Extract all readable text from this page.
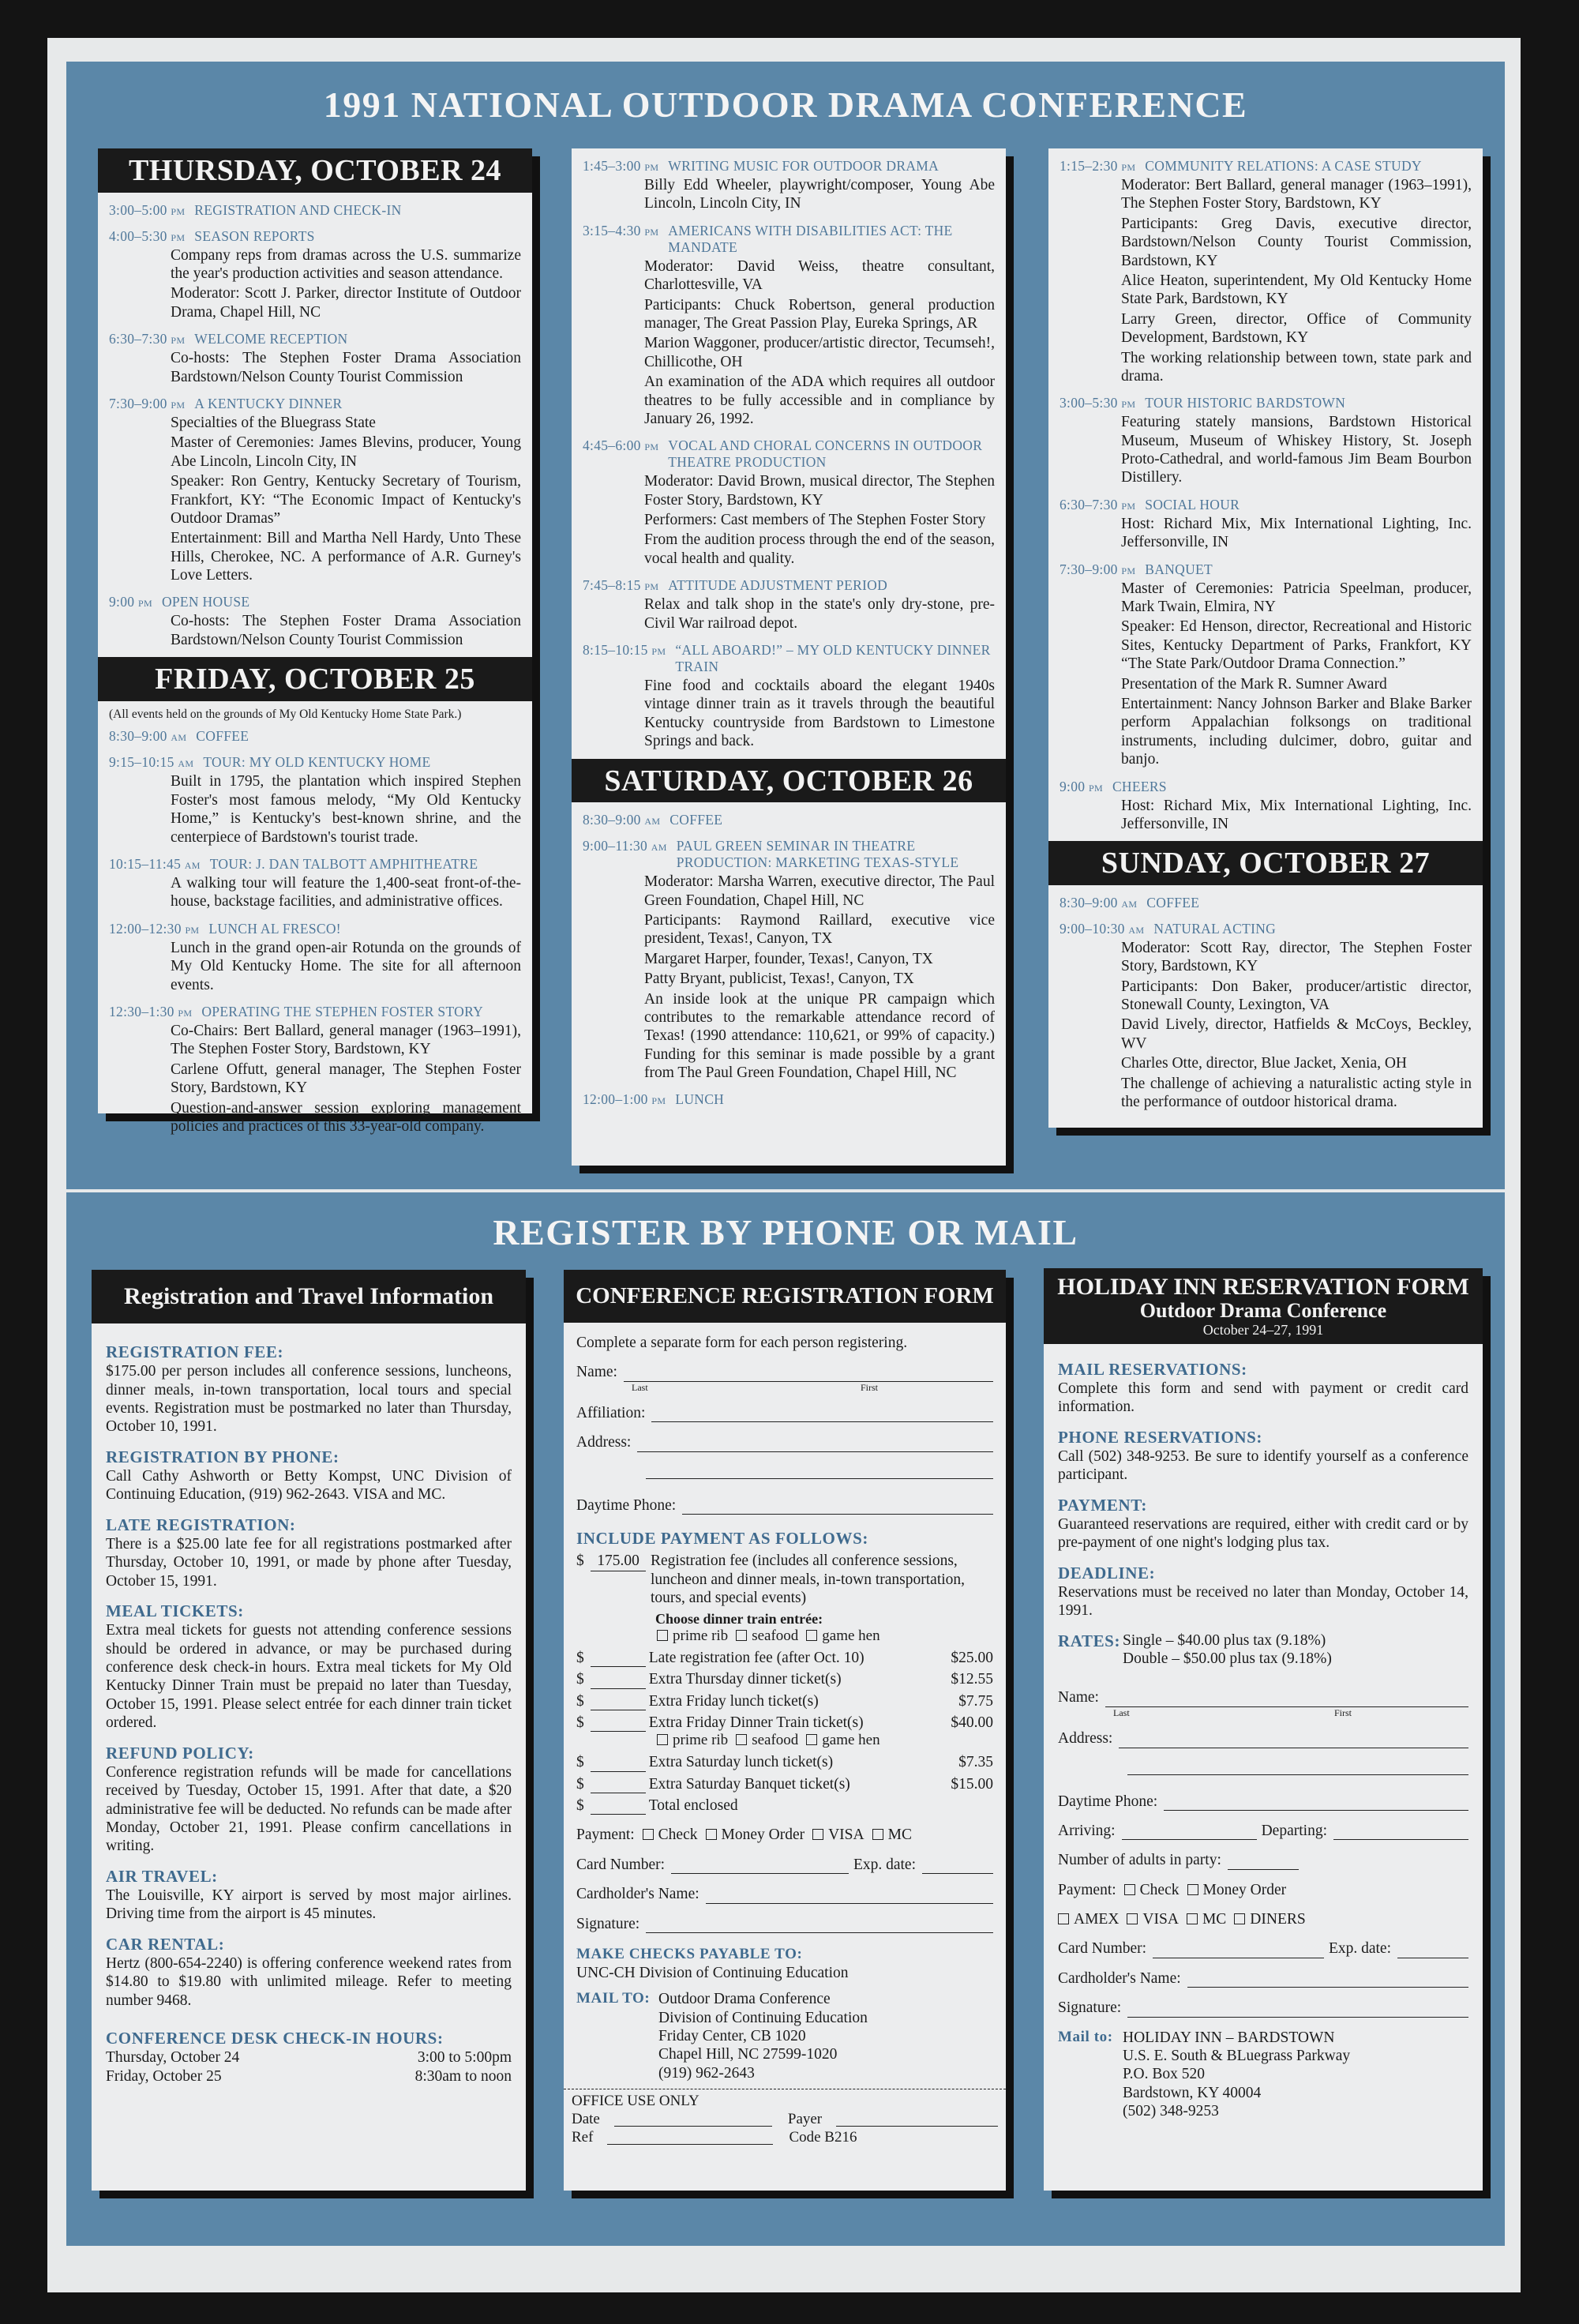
1991 NATIONAL OUTDOOR DRAMA CONFERENCE
THURSDAY, OCTOBER 24
3:00–5:00 pm REGISTRATION AND CHECK-IN
4:00–5:30 pm SEASON REPORTS

Company reps from dramas across the U.S. summarize the year's production activities and season attendance.

Moderator: Scott J. Parker, director Institute of Outdoor Drama, Chapel Hill, NC

6:30–7:30 pm WELCOME RECEPTION

Co-hosts: The Stephen Foster Drama Association Bardstown/Nelson County Tourist Commission

7:30–9:00 pm A KENTUCKY DINNER

Specialties of the Bluegrass State

Master of Ceremonies: James Blevins, producer, Young Abe Lincoln, Lincoln City, IN

Speaker: Ron Gentry, Kentucky Secretary of Tourism, Frankfort, KY: “The Economic Impact of Kentucky's Outdoor Dramas”

Entertainment: Bill and Martha Nell Hardy, Unto These Hills, Cherokee, NC. A performance of A.R. Gurney's Love Letters.

9:00 pm OPEN HOUSE

Co-hosts: The Stephen Foster Drama Association Bardstown/Nelson County Tourist Commission

FRIDAY, OCTOBER 25
(All events held on the grounds of My Old Kentucky Home State Park.)
8:30–9:00 am COFFEE
9:15–10:15 am TOUR: MY OLD KENTUCKY HOME

Built in 1795, the plantation which inspired Stephen Foster's most famous melody, “My Old Kentucky Home,” is Kentucky's best-known shrine, and the centerpiece of Bardstown's tourist trade.

10:15–11:45 am TOUR: J. DAN TALBOTT AMPHITHEATRE

A walking tour will feature the 1,400-seat front-of-the-house, backstage facilities, and administrative offices.

12:00–12:30 pm LUNCH AL FRESCO!

Lunch in the grand open-air Rotunda on the grounds of My Old Kentucky Home. The site for all afternoon events.

12:30–1:30 pm OPERATING THE STEPHEN FOSTER STORY

Co-Chairs: Bert Ballard, general manager (1963–1991), The Stephen Foster Story, Bardstown, KY

Carlene Offutt, general manager, The Stephen Foster Story, Bardstown, KY

Question-and-answer session exploring management policies and practices of this 33-year-old company.

1:45–3:00 pm WRITING MUSIC FOR OUTDOOR DRAMA

Billy Edd Wheeler, playwright/composer, Young Abe Lincoln, Lincoln City, IN

3:15–4:30 pm AMERICANS WITH DISABILITIES ACT: THE MANDATE

Moderator: David Weiss, theatre consultant, Charlottesville, VA

Participants: Chuck Robertson, general production manager, The Great Passion Play, Eureka Springs, AR

Marion Waggoner, producer/artistic director, Tecumseh!, Chillicothe, OH

An examination of the ADA which requires all outdoor theatres to be fully accessible and in compliance by January 26, 1992.

4:45–6:00 pm VOCAL AND CHORAL CONCERNS IN OUTDOOR THEATRE PRODUCTION

Moderator: David Brown, musical director, The Stephen Foster Story, Bardstown, KY

Performers: Cast members of The Stephen Foster Story

From the audition process through the end of the season, vocal health and quality.

7:45–8:15 pm ATTITUDE ADJUSTMENT PERIOD

Relax and talk shop in the state's only dry-stone, pre-Civil War railroad depot.

8:15–10:15 pm “ALL ABOARD!” – MY OLD KENTUCKY DINNER TRAIN

Fine food and cocktails aboard the elegant 1940s vintage dinner train as it travels through the beautiful Kentucky countryside from Bardstown to Limestone Springs and back.

SATURDAY, OCTOBER 26
8:30–9:00 am COFFEE
9:00–11:30 am PAUL GREEN SEMINAR IN THEATRE PRODUCTION: MARKETING TEXAS-STYLE

Moderator: Marsha Warren, executive director, The Paul Green Foundation, Chapel Hill, NC

Participants: Raymond Raillard, executive vice president, Texas!, Canyon, TX

Margaret Harper, founder, Texas!, Canyon, TX

Patty Bryant, publicist, Texas!, Canyon, TX

An inside look at the unique PR campaign which contributes to the remarkable attendance record of Texas! (1990 attendance: 110,621, or 99% of capacity.) Funding for this seminar is made possible by a grant from The Paul Green Foundation, Chapel Hill, NC

12:00–1:00 pm LUNCH
1:15–2:30 pm COMMUNITY RELATIONS: A CASE STUDY

Moderator: Bert Ballard, general manager (1963–1991), The Stephen Foster Story, Bardstown, KY

Participants: Greg Davis, executive director, Bardstown/Nelson County Tourist Commission, Bardstown, KY

Alice Heaton, superintendent, My Old Kentucky Home State Park, Bardstown, KY

Larry Green, director, Office of Community Development, Bardstown, KY

The working relationship between town, state park and drama.

3:00–5:30 pm TOUR HISTORIC BARDSTOWN

Featuring stately mansions, Bardstown Historical Museum, Museum of Whiskey History, St. Joseph Proto-Cathedral, and world-famous Jim Beam Bourbon Distillery.

6:30–7:30 pm SOCIAL HOUR

Host: Richard Mix, Mix International Lighting, Inc. Jeffersonville, IN

7:30–9:00 pm BANQUET

Master of Ceremonies: Patricia Speelman, producer, Mark Twain, Elmira, NY

Speaker: Ed Henson, director, Recreational and Historic Sites, Kentucky Department of Parks, Frankfort, KY “The State Park/Outdoor Drama Connection.”

Presentation of the Mark R. Sumner Award

Entertainment: Nancy Johnson Barker and Blake Barker perform Appalachian folksongs on traditional instruments, including dulcimer, dobro, guitar and banjo.

9:00 pm CHEERS

Host: Richard Mix, Mix International Lighting, Inc. Jeffersonville, IN

SUNDAY, OCTOBER 27
8:30–9:00 am COFFEE
9:00–10:30 am NATURAL ACTING

Moderator: Scott Ray, director, The Stephen Foster Story, Bardstown, KY

Participants: Don Baker, producer/artistic director, Stonewall County, Lexington, VA

David Lively, director, Hatfields & McCoys, Beckley, WV

Charles Otte, director, Blue Jacket, Xenia, OH

The challenge of achieving a naturalistic acting style in the performance of outdoor historical drama.

REGISTER BY PHONE OR MAIL
Registration and Travel Information
REGISTRATION FEE:
$175.00 per person includes all conference sessions, luncheons, dinner meals, in-town transportation, local tours and special events. Registration must be postmarked no later than Thursday, October 10, 1991.
REGISTRATION BY PHONE:
Call Cathy Ashworth or Betty Kompst, UNC Division of Continuing Education, (919) 962-2643. VISA and MC.
LATE REGISTRATION:
There is a $25.00 late fee for all registrations postmarked after Thursday, October 10, 1991, or made by phone after Tuesday, October 15, 1991.
MEAL TICKETS:
Extra meal tickets for guests not attending conference sessions should be ordered in advance, or may be purchased during conference desk check-in hours. Extra meal tickets for My Old Kentucky Dinner Train must be prepaid no later than Tuesday, October 15, 1991. Please select entrée for each dinner train ticket ordered.
REFUND POLICY:
Conference registration refunds will be made for cancellations received by Tuesday, October 15, 1991. After that date, a $20 administrative fee will be deducted. No refunds can be made after Monday, October 21, 1991. Please confirm cancellations in writing.
AIR TRAVEL:
The Louisville, KY airport is served by most major airlines. Driving time from the airport is 45 minutes.
CAR RENTAL:
Hertz (800-654-2240) is offering conference weekend rates from $14.80 to $19.80 with unlimited mileage. Refer to meeting number 9468.
CONFERENCE DESK CHECK-IN HOURS:
Thursday, October 24	3:00 to 5:00pm
Friday, October 25	8:30am to noon
CONFERENCE REGISTRATION FORM
Complete a separate form for each person registering.
Name:
Last	First
Affiliation:
Address:
Daytime Phone:
INCLUDE PAYMENT AS FOLLOWS:
$ 175.00 Registration fee (includes all conference sessions, luncheon and dinner meals, in-town transportation, tours, and special events)
Choose dinner train entrée:
prime rib seafood game hen
$	Late registration fee (after Oct. 10)	$25.00
$	Extra Thursday dinner ticket(s)	$12.55
$	Extra Friday lunch ticket(s)	$7.75
$	Extra Friday Dinner Train ticket(s)	$40.00
prime rib seafood game hen
$	Extra Saturday lunch ticket(s)	$7.35
$	Extra Saturday Banquet ticket(s)	$15.00
$	Total enclosed
Payment:	Check Money Order VISA MC
Card Number:	Exp. date:
Cardholder's Name:
Signature:
MAKE CHECKS PAYABLE TO:
UNC-CH Division of Continuing Education
MAIL TO: Outdoor Drama Conference
Division of Continuing Education
Friday Center, CB 1020
Chapel Hill, NC 27599-1020
(919) 962-2643
OFFICE USE ONLY
Date	Payer
Ref	Code B216
HOLIDAY INN RESERVATION FORM
Outdoor Drama Conference
October 24–27, 1991
MAIL RESERVATIONS:
Complete this form and send with payment or credit card information.
PHONE RESERVATIONS:
Call (502) 348-9253. Be sure to identify yourself as a conference participant.
PAYMENT:
Guaranteed reservations are required, either with credit card or by pre-payment of one night's lodging plus tax.
DEADLINE:
Reservations must be received no later than Monday, October 14, 1991.
RATES: Single – $40.00 plus tax (9.18%)
Double – $50.00 plus tax (9.18%)
Name:
Last	First
Address:
Daytime Phone:
Arriving:	Departing:
Number of adults in party:
Payment:	Check Money Order
AMEX VISA MC DINERS
Card Number:	Exp. date:
Cardholder's Name:
Signature:
Mail to: HOLIDAY INN – BARDSTOWN
U.S. E. South & BLuegrass Parkway
P.O. Box 520
Bardstown, KY 40004
(502) 348-9253
